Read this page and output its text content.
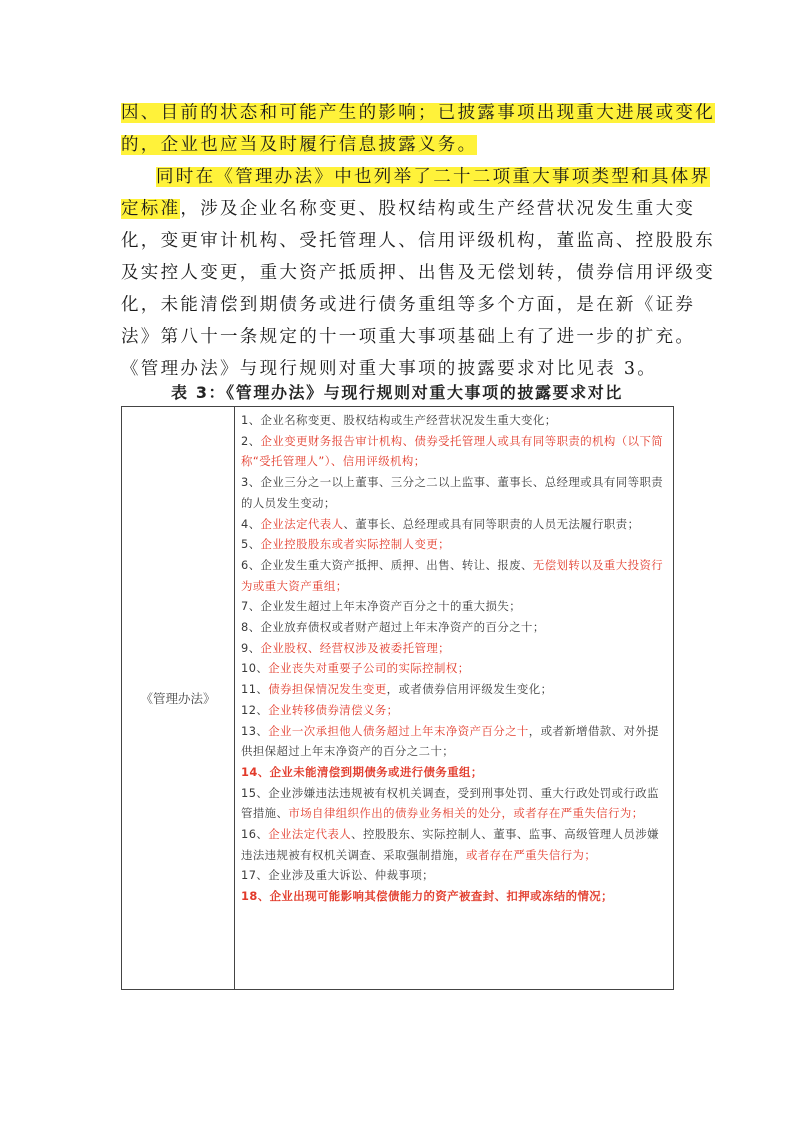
因、目前的状态和可能产生的影响；已披露事项出现重大进展或变化
的，企业也应当及时履行信息披露义务。
同时在《管理办法》中也列举了二十二项重大事项类型和具体界
定标准，涉及企业名称变更、股权结构或生产经营状况发生重大变
化，变更审计机构、受托管理人、信用评级机构，董监高、控股股东
及实控人变更，重大资产抵质押、出售及无偿划转，债券信用评级变
化，未能清偿到期债务或进行债务重组等多个方面，是在新《证券
法》第八十一条规定的十一项重大事项基础上有了进一步的扩充。
《管理办法》与现行规则对重大事项的披露要求对比见表 3。
表 3：《管理办法》与现行规则对重大事项的披露要求对比
《管理办法》	
1、企业名称变更、股权结构或生产经营状况发生重大变化；
2、企业变更财务报告审计机构、债券受托管理人或具有同等职责的机构（以下简称“受托管理人”）、信用评级机构；
3、企业三分之一以上董事、三分之二以上监事、董事长、总经理或具有同等职责的人员发生变动；
4、企业法定代表人、董事长、总经理或具有同等职责的人员无法履行职责；
5、企业控股股东或者实际控制人变更；
6、企业发生重大资产抵押、质押、出售、转让、报废、无偿划转以及重大投资行为或重大资产重组；
7、企业发生超过上年末净资产百分之十的重大损失；
8、企业放弃债权或者财产超过上年末净资产的百分之十；
9、企业股权、经营权涉及被委托管理；
10、企业丧失对重要子公司的实际控制权；
11、债券担保情况发生变更，或者债券信用评级发生变化；
12、企业转移债券清偿义务；
13、企业一次承担他人债务超过上年末净资产百分之十，或者新增借款、对外提供担保超过上年末净资产的百分之二十；
14、企业未能清偿到期债务或进行债务重组；
15、企业涉嫌违法违规被有权机关调查，受到刑事处罚、重大行政处罚或行政监管措施、市场自律组织作出的债券业务相关的处分，或者存在严重失信行为；
16、企业法定代表人、控股股东、实际控制人、董事、监事、高级管理人员涉嫌违法违规被有权机关调查、采取强制措施，或者存在严重失信行为；
17、企业涉及重大诉讼、仲裁事项；
18、企业出现可能影响其偿债能力的资产被查封、扣押或冻结的情况；
